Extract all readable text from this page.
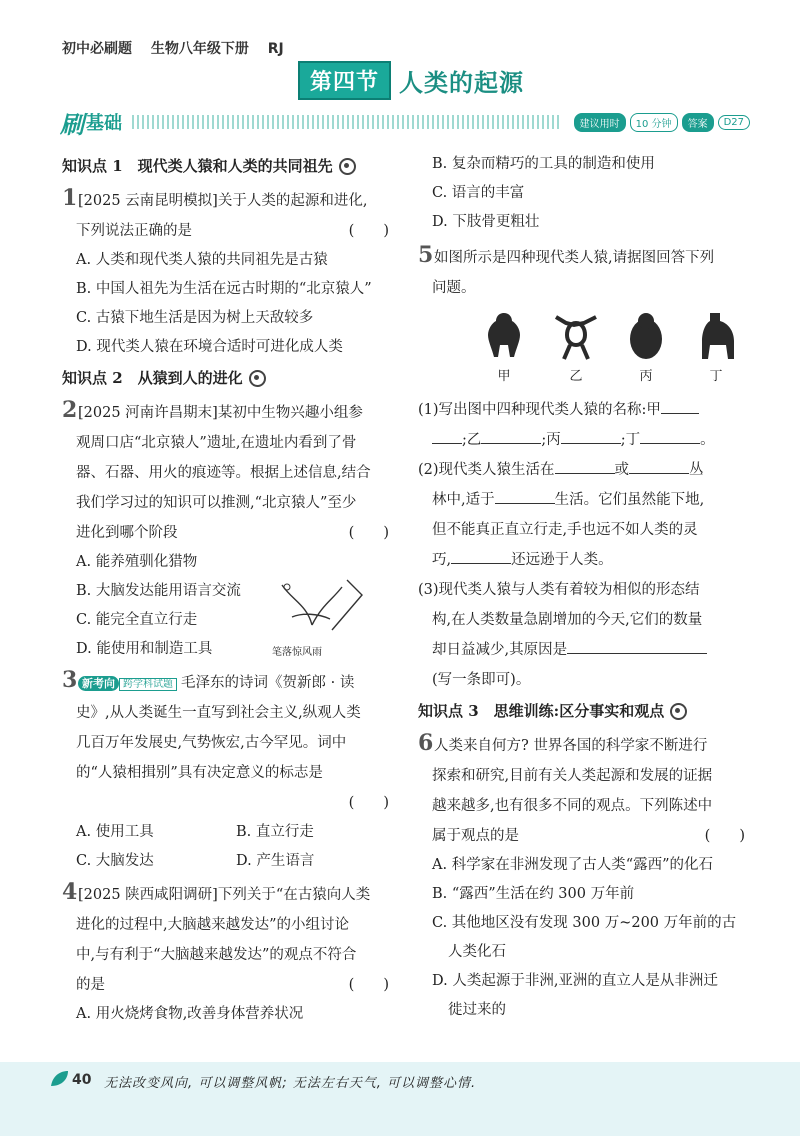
初中必刷题 生物八年级下册 RJ
第四节 人类的起源
刷 基础	建议用时	10 分钟	答案	D27
知识点 1　现代类人猿和人类的共同祖先
1 [2025 云南昆明模拟]关于人类的起源和进化,
下列说法正确的是	(　　)
A. 人类和现代类人猿的共同祖先是古猿
B. 中国人祖先为生活在远古时期的“北京猿人”
C. 古猿下地生活是因为树上天敌较多
D. 现代类人猿在环境合适时可进化成人类
知识点 2　从猿到人的进化
2 [2025 河南许昌期末]某初中生物兴趣小组参
观周口店“北京猿人”遗址,在遗址内看到了骨
器、石器、用火的痕迹等。根据上述信息,结合
我们学习过的知识可以推测,“北京猿人”至少
进化到哪个阶段	(　　)
A. 能养殖驯化猎物
B. 大脑发达能用语言交流
C. 能完全直立行走
D. 能使用和制造工具
3 新考向 跨学科试题 毛泽东的诗词《贺新郎 · 读
史》,从人类诞生一直写到社会主义,纵观人类
几百万年发展史,气势恢宏,古今罕见。词中
的“人猿相揖别”具有决定意义的标志是
(　　)
A. 使用工具	B. 直立行走
C. 大脑发达	D. 产生语言
4 [2025 陕西咸阳调研]下列关于“在古猿向人类
进化的过程中,大脑越来越发达”的小组讨论
中,与有利于“大脑越来越发达”的观点不符合
的是	(　　)
A. 用火烧烤食物,改善身体营养状况
笔落惊风雨
B. 复杂而精巧的工具的制造和使用
C. 语言的丰富
D. 下肢骨更粗壮
5 如图所示是四种现代类人猿,请据图回答下列
问题。
甲	乙	丙	丁
(1)写出图中四种现代类人猿的名称:甲
;乙	;丙	;丁	。
(2)现代类人猿生活在	或	丛
林中,适于	生活。它们虽然能下地,
但不能真正直立行走,手也远不如人类的灵
巧,	还远逊于人类。
(3)现代类人猿与人类有着较为相似的形态结
构,在人类数量急剧增加的今天,它们的数量
却日益减少,其原因是
(写一条即可)。
知识点 3　思维训练:区分事实和观点
6 人类来自何方? 世界各国的科学家不断进行
探索和研究,目前有关人类起源和发展的证据
越来越多,也有很多不同的观点。下列陈述中
属于观点的是	(　　)
A. 科学家在非洲发现了古人类“露西”的化石
B. “露西”生活在约 300 万年前
C. 其他地区没有发现 300 万~200 万年前的古
人类化石
D. 人类起源于非洲,亚洲的直立人是从非洲迁
徙过来的
40 无法改变风向, 可以调整风帆; 无法左右天气, 可以调整心情.
